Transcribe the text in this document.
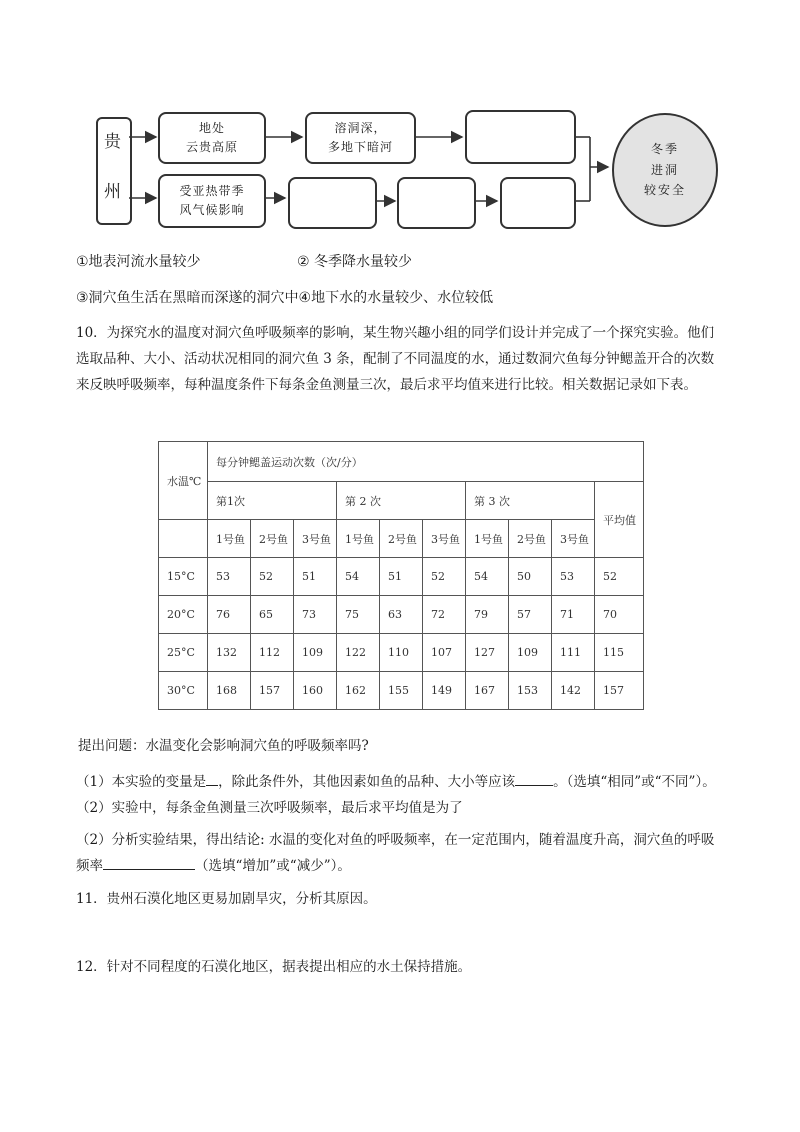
贵
州
地处
云贵高原
溶洞深，
多地下暗河
受亚热带季
风气候影响
冬季
进洞
较安全
①地表河流水量较少	② 冬季降水量较少
③洞穴鱼生活在黑暗而深遂的洞穴中④地下水的水量较少、水位较低
10．为探究水的温度对洞穴鱼呼吸频率的影响，某生物兴趣小组的同学们设计并完成了一个探究实验。他们选取品种、大小、活动状况相同的洞穴鱼 3 条，配制了不同温度的水，通过数洞穴鱼每分钟鳃盖开合的次数来反映呼吸频率，每种温度条件下每条金鱼测量三次，最后求平均值来进行比较。相关数据记录如下表。
水温℃	每分钟鳃盖运动次数（次/分）									
	第1次			第 2 次			第 3 次			平均值
	1号鱼	2号鱼	3号鱼	1号鱼	2号鱼	3号鱼	1号鱼	2号鱼	3号鱼	
15°C	53	52	51	54	51	52	54	50	53	52
20°C	76	65	73	75	63	72	79	57	71	70
25°C	132	112	109	122	110	107	127	109	111	115
30°C	168	157	160	162	155	149	167	153	142	157
提出问题：水温变化会影响洞穴鱼的呼吸频率吗?
（1）本实验的变量是 ，除此条件外，其他因素如鱼的品种、大小等应该	。（选填“相同”或“不同”）。（2）实验中，每条金鱼测量三次呼吸频率，最后求平均值是为了
（2）分析实验结果，得出结论: 水温的变化对鱼的呼吸频率，在一定范围内，随着温度升高，洞穴鱼的呼吸频率	（选填“增加”或“减少”）。
11．贵州石漠化地区更易加剧旱灾，分析其原因。
12．针对不同程度的石漠化地区，据表提出相应的水土保持措施。
